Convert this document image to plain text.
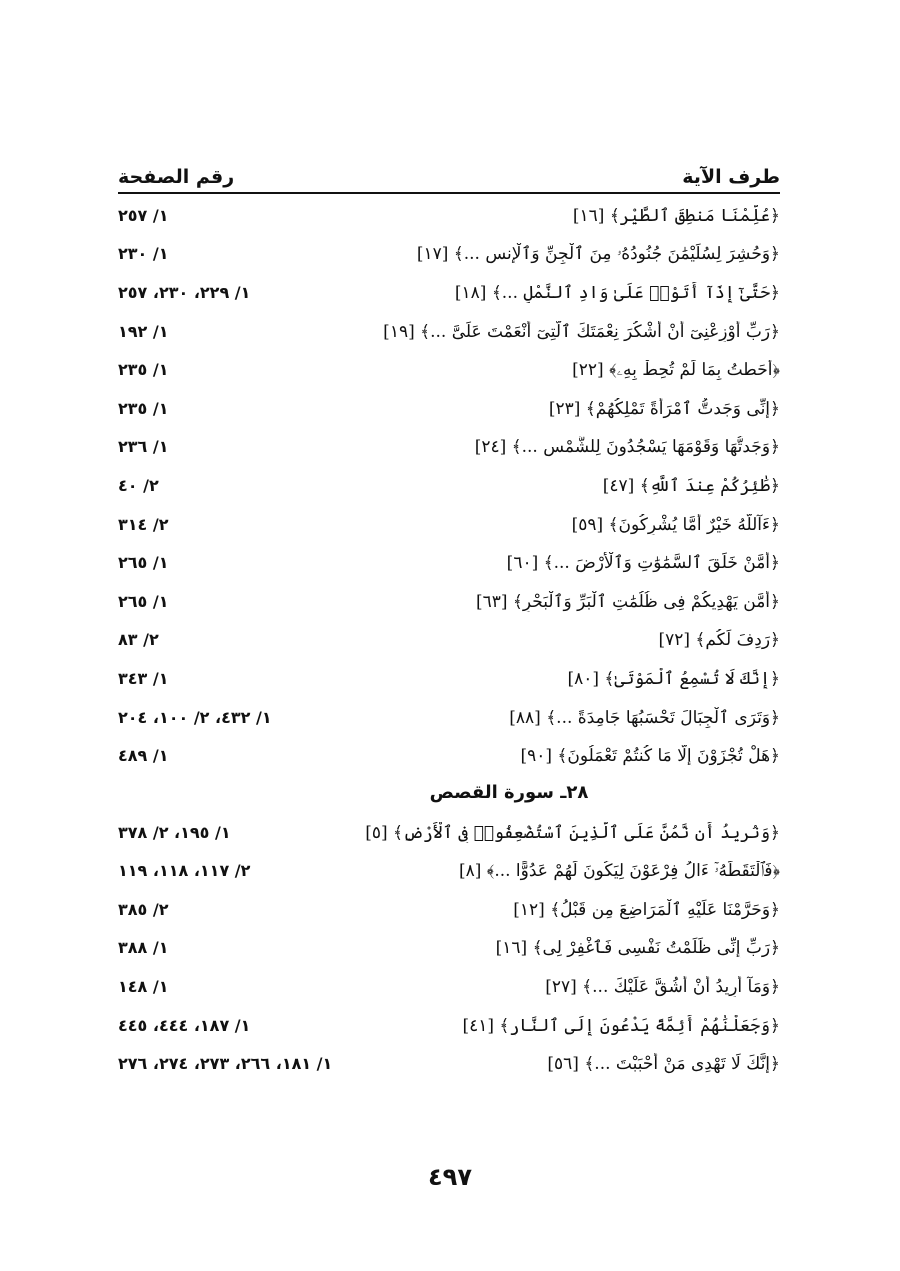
طرف الآية
رقم الصفحة
﴿عُلِّمْنَا مَنطِقَ ٱلطَّيْرِ﴾ [١٦]
١/ ٢٥٧
﴿وَحُشِرَ لِسُلَيْمَٰنَ جُنُودُهُۥ مِنَ ٱلْجِنِّ وَٱلْإِنسِ ...﴾ [١٧]
١/ ٢٣٠
﴿حَتَّىٰٓ إِذَآ أَتَوْا۟ عَلَىٰ وَادِ ٱلنَّمْلِ ...﴾ [١٨]
١/ ٢٢٩، ٢٣٠، ٢٥٧
﴿رَبِّ أَوْزِعْنِىٓ أَنْ أَشْكُرَ نِعْمَتَكَ ٱلَّتِىٓ أَنْعَمْتَ عَلَىَّ ...﴾ [١٩]
١/ ١٩٢
﴿أَحَطتُ بِمَا لَمْ تُحِطْ بِهِۦ﴾ [٢٢]
١/ ٢٣٥
﴿إِنِّى وَجَدتُّ ٱمْرَأَةً تَمْلِكُهُمْ﴾ [٢٣]
١/ ٢٣٥
﴿وَجَدتُّهَا وَقَوْمَهَا يَسْجُدُونَ لِلشَّمْسِ ...﴾ [٢٤]
١/ ٢٣٦
﴿طَٰٓئِرُكُمْ عِندَ ٱللَّهِ﴾ [٤٧]
٢/ ٤٠
﴿ءَآللَّهُ خَيْرٌ أَمَّا يُشْرِكُونَ﴾ [٥٩]
٢/ ٣١٤
﴿أَمَّنْ خَلَقَ ٱلسَّمَٰوَٰتِ وَٱلْأَرْضَ ...﴾ [٦٠]
١/ ٢٦٥
﴿أَمَّن يَهْدِيكُمْ فِى ظُلُمَٰتِ ٱلْبَرِّ وَٱلْبَحْرِ﴾ [٦٣]
١/ ٢٦٥
﴿رَدِفَ لَكُم﴾ [٧٢]
٢/ ٨٣
﴿إِنَّكَ لَا تُسْمِعُ ٱلْمَوْتَىٰ﴾ [٨٠]
١/ ٣٤٣
﴿وَتَرَى ٱلْجِبَالَ تَحْسَبُهَا جَامِدَةً ...﴾ [٨٨]
١/ ٤٣٢، ٢/ ١٠٠، ٢٠٤
﴿هَلْ تُجْزَوْنَ إِلَّا مَا كُنتُمْ تَعْمَلُونَ﴾ [٩٠]
١/ ٤٨٩
٢٨ـ سورة القصص
﴿وَنُرِيدُ أَن نَّمُنَّ عَلَى ٱلَّذِينَ ٱسْتُضْعِفُوا۟ فِى ٱلْأَرْضِ﴾ [٥]
١/ ١٩٥، ٢/ ٣٧٨
﴿فَٱلْتَقَطَهُۥٓ ءَالُ فِرْعَوْنَ لِيَكُونَ لَهُمْ عَدُوًّا ...﴾ [٨]
٢/ ١١٧، ١١٨، ١١٩
﴿وَحَرَّمْنَا عَلَيْهِ ٱلْمَرَاضِعَ مِن قَبْلُ﴾ [١٢]
٢/ ٣٨٥
﴿رَبِّ إِنِّى ظَلَمْتُ نَفْسِى فَٱغْفِرْ لِى﴾ [١٦]
١/ ٣٨٨
﴿وَمَآ أُرِيدُ أَنْ أَشُقَّ عَلَيْكَ ...﴾ [٢٧]
١/ ١٤٨
﴿وَجَعَلْنَٰهُمْ أَئِمَّةً يَدْعُونَ إِلَى ٱلنَّارِ﴾ [٤١]
١/ ١٨٧، ٤٤٤، ٤٤٥
﴿إِنَّكَ لَا تَهْدِى مَنْ أَحْبَبْتَ ...﴾ [٥٦]
١/ ١٨١، ٢٦٦، ٢٧٣، ٢٧٤، ٢٧٦
٤٩٧
